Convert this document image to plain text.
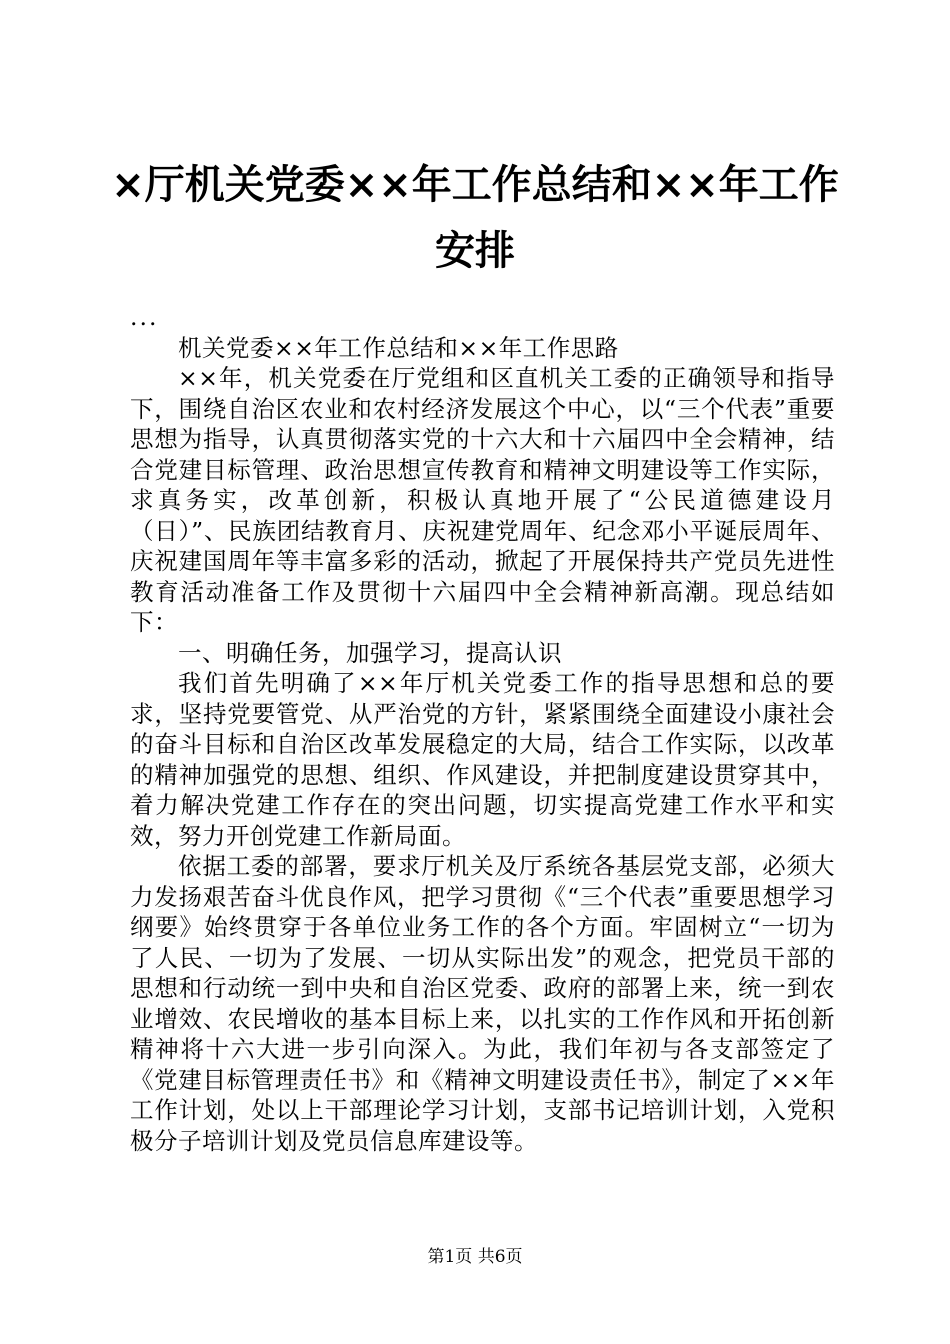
×厅机关党委××年工作总结和××年工作安排

...

机关党委××年工作总结和××年工作思路

××年，机关党委在厅党组和区直机关工委的正确领导和指导下，围绕自治区农业和农村经济发展这个中心，以“三个代表”重要思想为指导，认真贯彻落实党的十六大和十六届四中全会精神，结合党建目标管理、政治思想宣传教育和精神文明建设等工作实际，求真务实，改革创新，积极认真地开展了“公民道德建设月（日）”、民族团结教育月、庆祝建党周年、纪念邓小平诞辰周年、庆祝建国周年等丰富多彩的活动，掀起了开展保持共产党员先进性教育活动准备工作及贯彻十六届四中全会精神新高潮。现总结如下：

一、明确任务，加强学习，提高认识

我们首先明确了××年厅机关党委工作的指导思想和总的要求，坚持党要管党、从严治党的方针，紧紧围绕全面建设小康社会的奋斗目标和自治区改革发展稳定的大局，结合工作实际，以改革的精神加强党的思想、组织、作风建设，并把制度建设贯穿其中，着力解决党建工作存在的突出问题，切实提高党建工作水平和实效，努力开创党建工作新局面。

依据工委的部署，要求厅机关及厅系统各基层党支部，必须大力发扬艰苦奋斗优良作风，把学习贯彻《“三个代表”重要思想学习纲要》始终贯穿于各单位业务工作的各个方面。牢固树立“一切为了人民、一切为了发展、一切从实际出发”的观念，把党员干部的思想和行动统一到中央和自治区党委、政府的部署上来，统一到农业增效、农民增收的基本目标上来，以扎实的工作作风和开拓创新精神将十六大进一步引向深入。为此，我们年初与各支部签定了《党建目标管理责任书》和《精神文明建设责任书》，制定了××年工作计划，处以上干部理论学习计划，支部书记培训计划，入党积极分子培训计划及党员信息库建设等。

第1页 共6页
